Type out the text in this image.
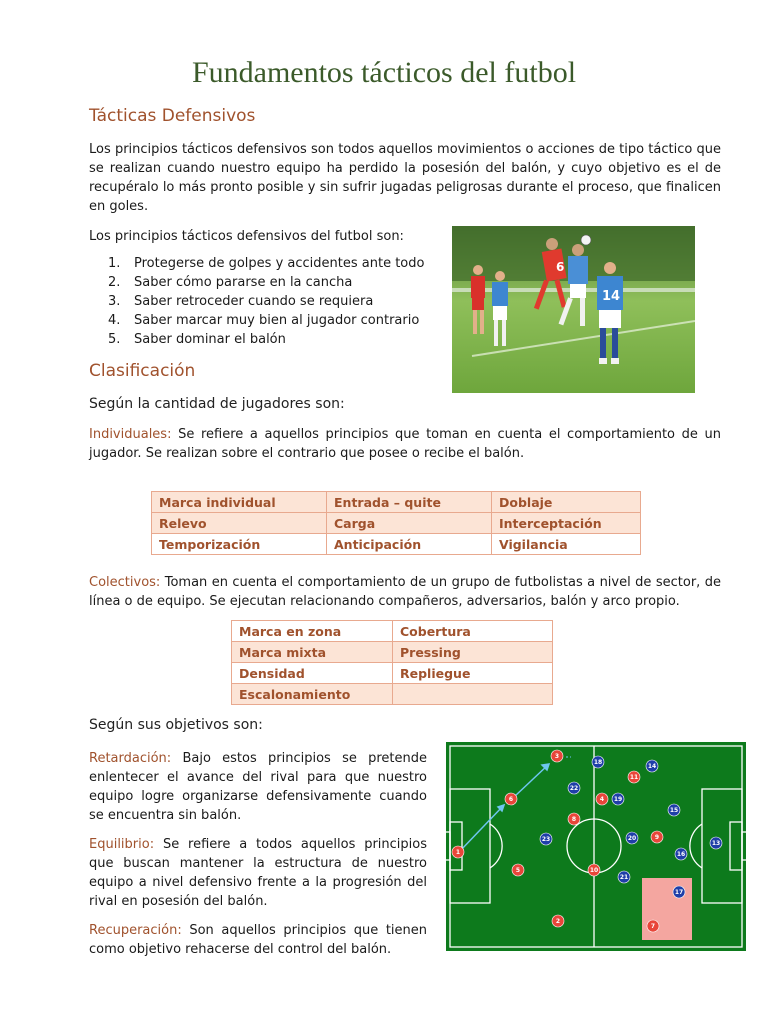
Fundamentos tácticos del futbol
Tácticas Defensivos
Los principios tácticos defensivos son todos aquellos movimientos o acciones de tipo táctico que se realizan cuando nuestro equipo ha perdido la posesión del balón, y cuyo objetivo es el de recupéralo lo más pronto posible y sin sufrir jugadas peligrosas durante el proceso, que finalicen en goles.
Los principios tácticos defensivos del futbol son:
1. Protegerse de golpes y accidentes ante todo
2. Saber cómo pararse en la cancha
3. Saber retroceder cuando se requiera
4. Saber marcar muy bien al jugador contrario
5. Saber dominar el balón
6
14
Clasificación
Según la cantidad de jugadores son:
Individuales: Se refiere a aquellos principios que toman en cuenta el comportamiento de un jugador. Se realizan sobre el contrario que posee o recibe el balón.
Marca individual	Entrada – quite	Doblaje
Relevo	Carga	Interceptación
Temporización	Anticipación	Vigilancia
Colectivos: Toman en cuenta el comportamiento de un grupo de futbolistas a nivel de sector, de línea o de equipo. Se ejecutan relacionando compañeros, adversarios, balón y arco propio.
Marca en zona	Cobertura
Marca mixta	Pressing
Densidad	Repliegue
Escalonamiento	
Según sus objetivos son:
Retardación: Bajo estos principios se pretende enlentecer el avance del rival para que nuestro equipo logre organizarse defensivamente cuando se encuentra sin balón.
Equilibrio: Se refiere a todos aquellos principios que buscan mantener la estructura de nuestro equipo a nivel defensivo frente a la progresión del rival en posesión del balón.
Recuperación: Son aquellos principios que tienen como objetivo rehacerse del control del balón.
1
2
3
4
5
6
7
8
9
10
11
13
14
15
16
17
18
19
20
21
22
23
